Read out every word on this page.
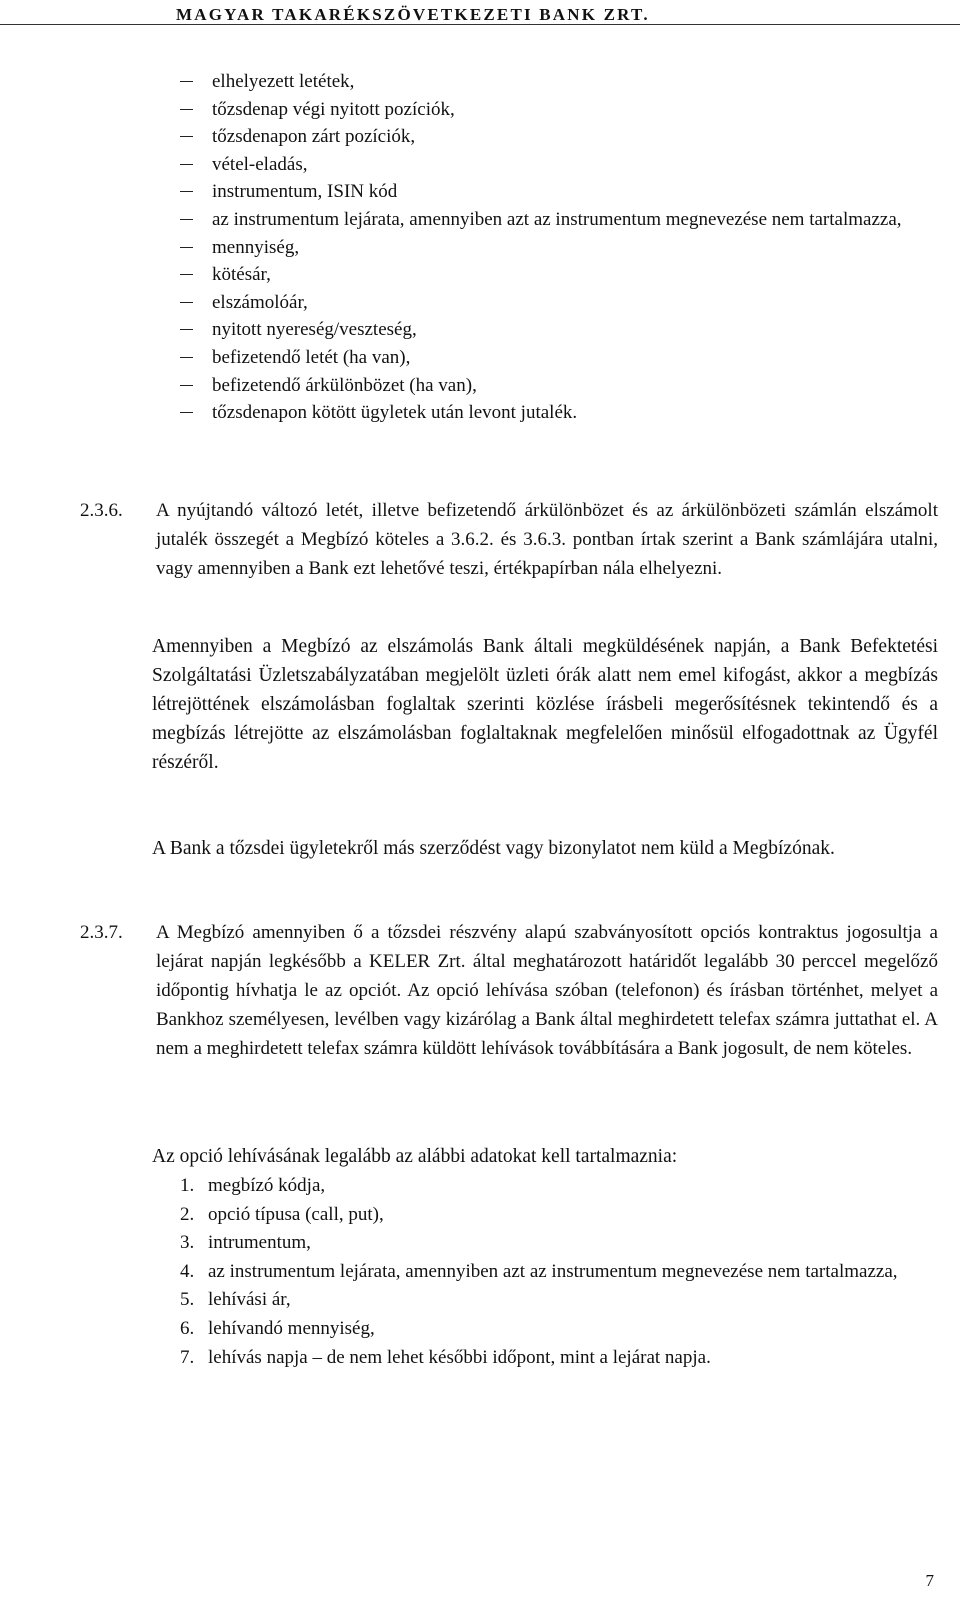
MAGYAR TAKARÉKSZÖVETKEZETI BANK ZRT.
elhelyezett letétek,
tőzsdenap végi nyitott pozíciók,
tőzsdenapon zárt pozíciók,
vétel-eladás,
instrumentum, ISIN kód
az instrumentum lejárata, amennyiben azt az instrumentum megnevezése nem tartalmazza,
mennyiség,
kötésár,
elszámolóár,
nyitott nyereség/veszteség,
befizetendő letét (ha van),
befizetendő árkülönbözet (ha van),
tőzsdenapon kötött ügyletek után levont jutalék.
2.3.6. A nyújtandó változó letét, illetve befizetendő árkülönbözet és az árkülönbözeti számlán elszámolt jutalék összegét a Megbízó köteles a 3.6.2. és 3.6.3. pontban írtak szerint a Bank számlájára utalni, vagy amennyiben a Bank ezt lehetővé teszi, értékpapírban nála elhelyezni.
Amennyiben a Megbízó az elszámolás Bank általi megküldésének napján, a Bank Befektetési Szolgáltatási Üzletszabályzatában megjelölt üzleti órák alatt nem emel kifogást, akkor a megbízás létrejöttének elszámolásban foglaltak szerinti közlése írásbeli megerősítésnek tekintendő és a megbízás létrejötte az elszámolásban foglaltaknak megfelelően minősül elfogadottnak az Ügyfél részéről.
A Bank a tőzsdei ügyletekről más szerződést vagy bizonylatot nem küld a Megbízónak.
2.3.7. A Megbízó amennyiben ő a tőzsdei részvény alapú szabványosított opciós kontraktus jogosultja a lejárat napján legkésőbb a KELER Zrt. által meghatározott határidőt legalább 30 perccel megelőző időpontig hívhatja le az opciót. Az opció lehívása szóban (telefonon) és írásban történhet, melyet a Bankhoz személyesen, levélben vagy kizárólag a Bank által meghirdetett telefax számra juttathat el. A nem a meghirdetett telefax számra küldött lehívások továbbítására a Bank jogosult, de nem köteles.
Az opció lehívásának legalább az alábbi adatokat kell tartalmaznia:
1. megbízó kódja,
2. opció típusa (call, put),
3. intrumentum,
4. az instrumentum lejárata, amennyiben azt az instrumentum megnevezése nem tartalmazza,
5. lehívási ár,
6. lehívandó mennyiség,
7. lehívás napja – de nem lehet későbbi időpont, mint a lejárat napja.
7
